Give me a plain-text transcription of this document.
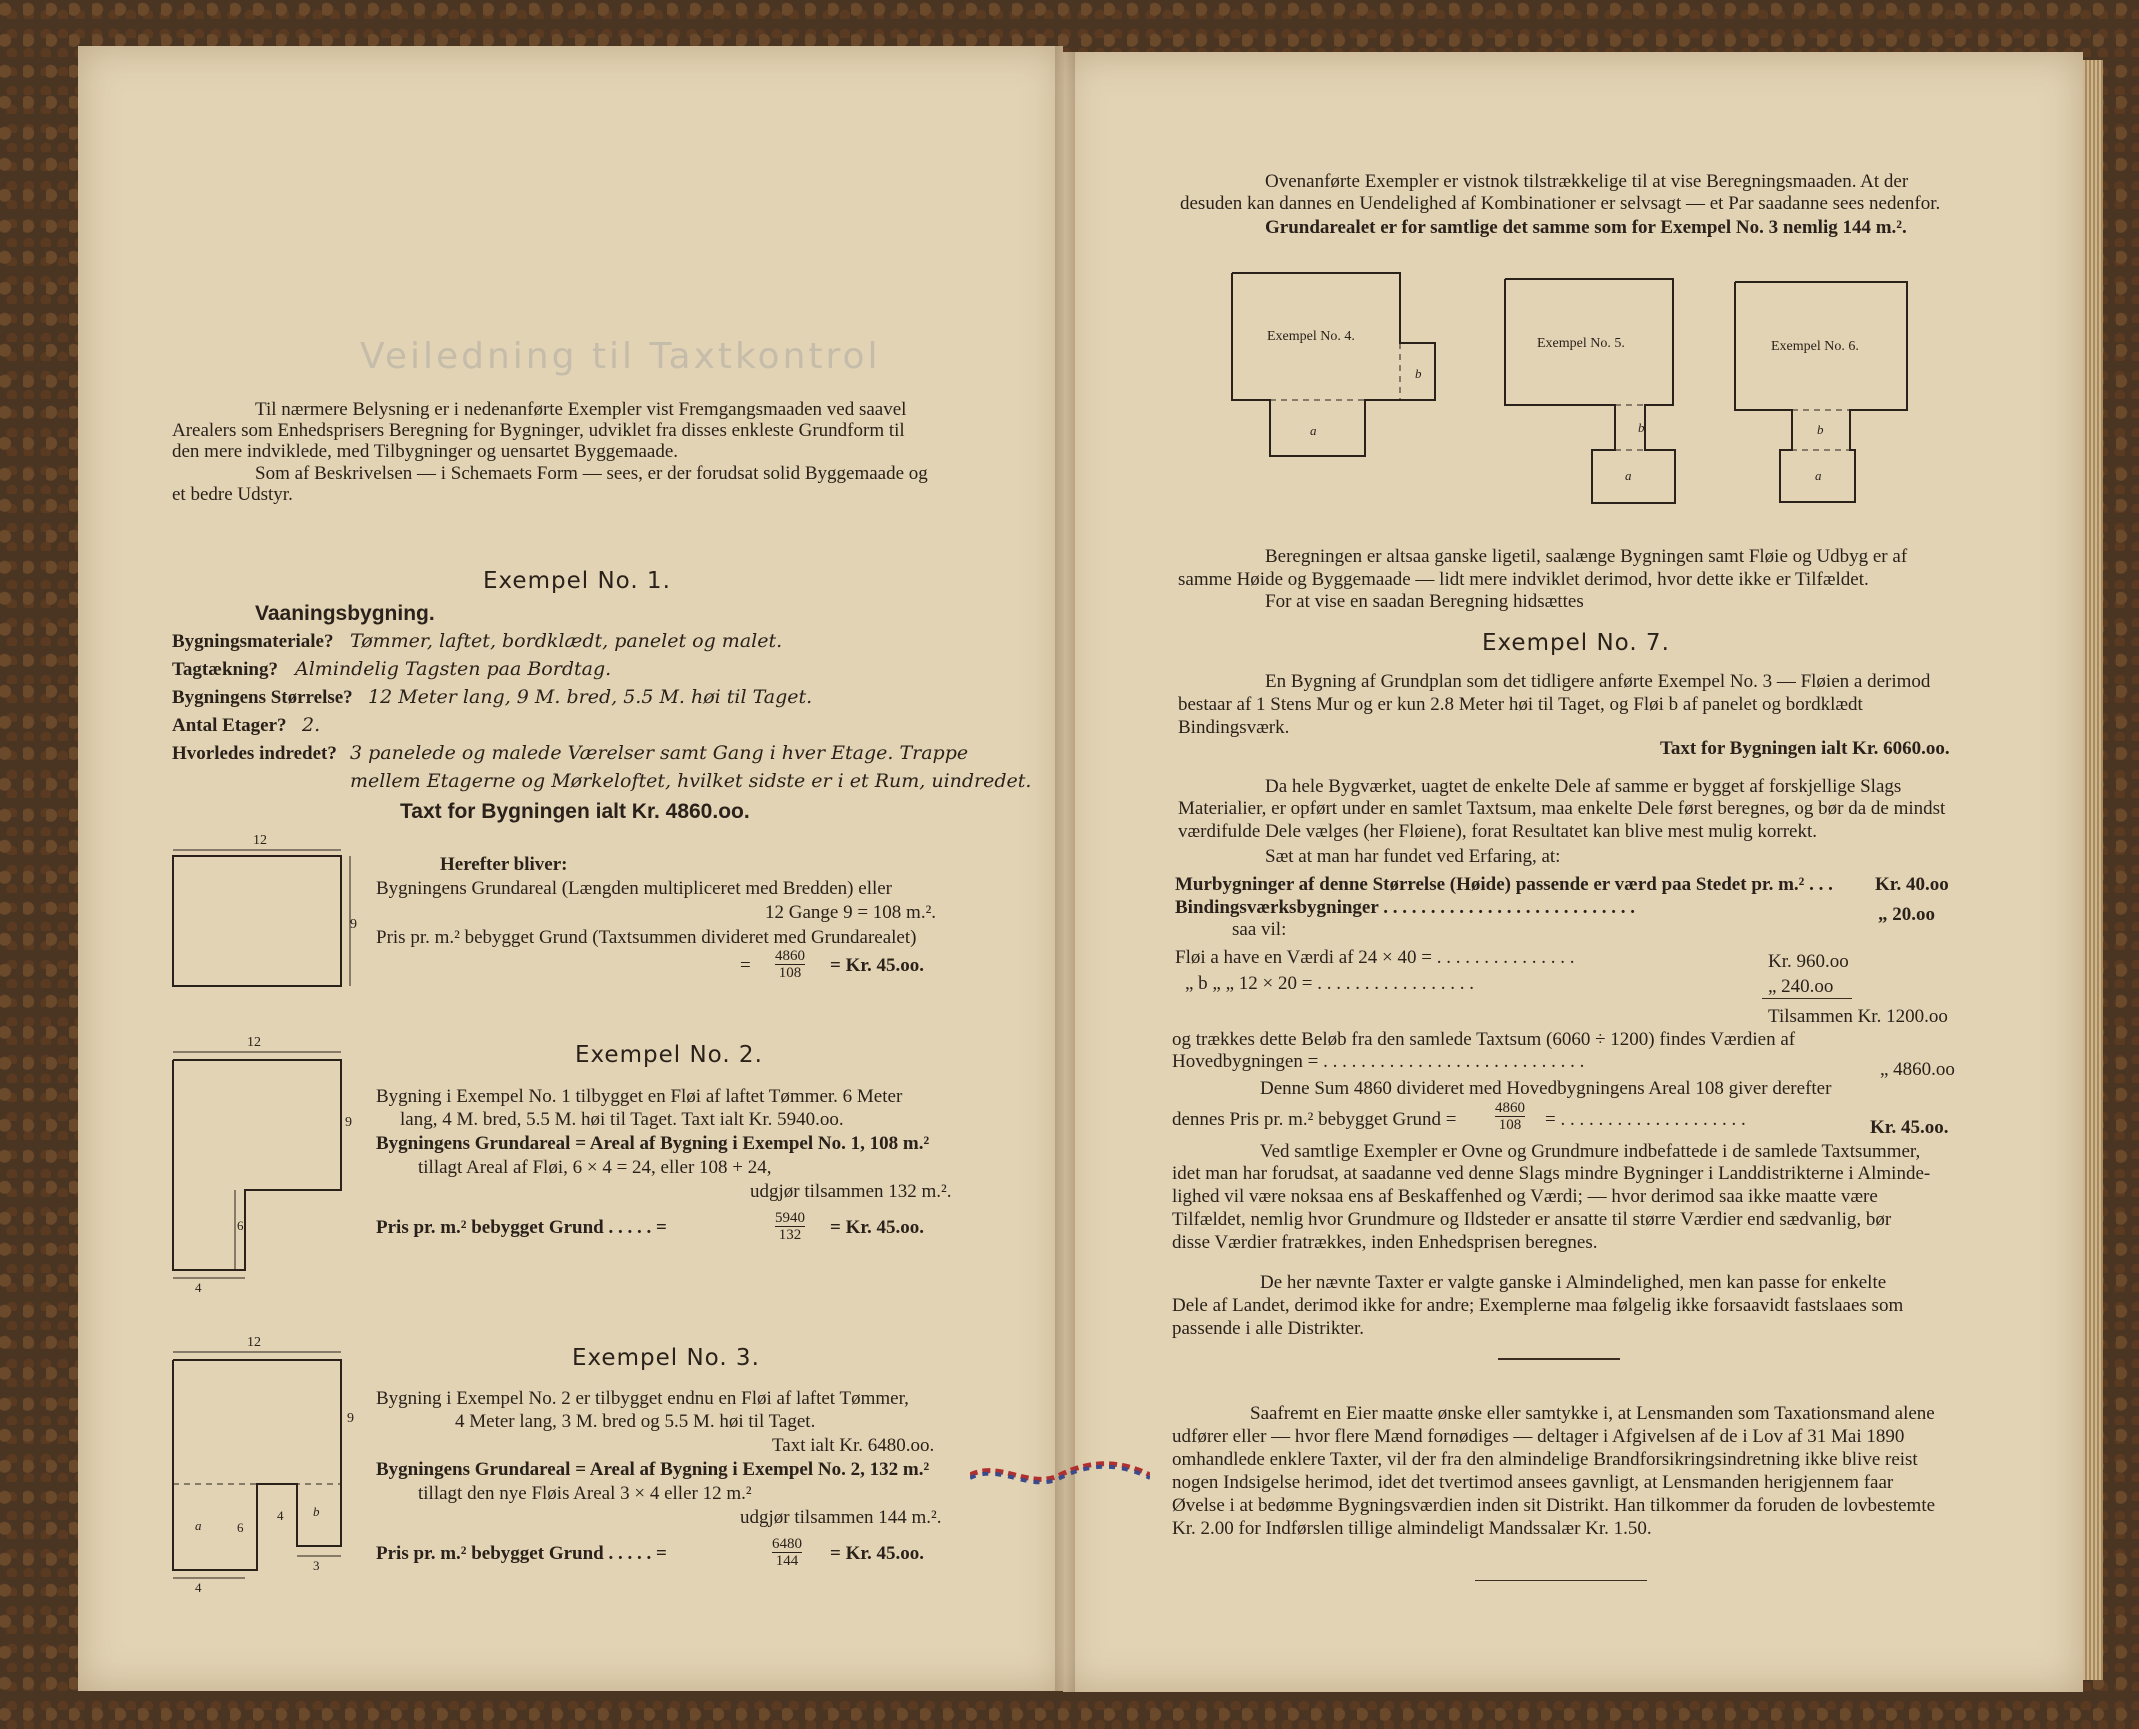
Veiledning til Taxtkontrol
Til nærmere Belysning er i nedenanførte Exempler vist Fremgangsmaaden ved saavel
Arealers som Enhedsprisers Beregning for Bygninger, udviklet fra disses enkleste Grundform til
den mere indviklede, med Tilbygninger og uensartet Byggemaade.
Som af Beskrivelsen — i Schemaets Form — sees, er der forudsat solid Byggemaade og
et bedre Udstyr.
Exempel No. 1.
Vaaningsbygning.
Bygningsmateriale? Tømmer, laftet, bordklædt, panelet og malet.
Tagtækning? Almindelig Tagsten paa Bordtag.
Bygningens Størrelse? 12 Meter lang, 9 M. bred, 5.5 M. høi til Taget.
Antal Etager? 2.
Hvorledes indredet? 3 panelede og malede Værelser samt Gang i hver Etage. Trappe
mellem Etagerne og Mørkeloftet, hvilket sidste er i et Rum, uindredet.
Taxt for Bygningen ialt Kr. 4860.oo.
12
9
Herefter bliver:
Bygningens Grundareal (Længden multipliceret med Bredden) eller
12 Gange 9 = 108 m.².
Pris pr. m.² bebygget Grund (Taxtsummen divideret med Grundarealet)
= $\frac{4860}{108} = Kr$. 45.oo.
Exempel No. 2.
12
9
6
4
Bygning i Exempel No. 1 tilbygget en Fløi af laftet Tømmer. 6 Meter
lang, 4 M. bred, 5.5 M. høi til Taget. Taxt ialt Kr. 5940.oo.
Bygningens Grundareal = Areal af Bygning i Exempel No. 1, 108 m.²
tillagt Areal af Fløi, 6 × 4 = 24, eller 108 + 24,
udgjør tilsammen 132 m.².
Pris pr. m.² bebygget Grund . . . . . =	$\frac{5940}{132} = Kr$. 45.oo.
Exempel No. 3.
12
9
a	6
4 b
4
3
Bygning i Exempel No. 2 er tilbygget endnu en Fløi af laftet Tømmer,
4 Meter lang, 3 M. bred og 5.5 M. høi til Taget.
Taxt ialt Kr. 6480.oo.
Bygningens Grundareal = Areal af Bygning i Exempel No. 2, 132 m.²
tillagt den nye Fløis Areal 3 × 4 eller 12 m.²
udgjør tilsammen 144 m.².
Pris pr. m.² bebygget Grund . . . . . =	$\frac{6480}{144} = Kr$. 45.oo.
Ovenanførte Exempler er vistnok tilstrækkelige til at vise Beregningsmaaden. At der
desuden kan dannes en Uendelighed af Kombinationer er selvsagt — et Par saadanne sees nedenfor.
Grundarealet er for samtlige det samme som for Exempel No. 3 nemlig 144 m.².
Exempel No. 4.
b
a
Exempel No. 5.
b
a
Exempel No. 6.
b
a
Beregningen er altsaa ganske ligetil, saalænge Bygningen samt Fløie og Udbyg er af
samme Høide og Byggemaade — lidt mere indviklet derimod, hvor dette ikke er Tilfældet.
For at vise en saadan Beregning hidsættes
Exempel No. 7.
En Bygning af Grundplan som det tidligere anførte Exempel No. 3 — Fløien a derimod
bestaar af 1 Stens Mur og er kun 2.8 Meter høi til Taget, og Fløi b af panelet og bordklædt
Bindingsværk.
Taxt for Bygningen ialt Kr. 6060.oo.
Da hele Bygværket, uagtet de enkelte Dele af samme er bygget af forskjellige Slags
Materialier, er opført under en samlet Taxtsum, maa enkelte Dele først beregnes, og bør da de mindst
værdifulde Dele vælges (her Fløiene), forat Resultatet kan blive mest mulig korrekt.
Sæt at man har fundet ved Erfaring, at:
Murbygninger af denne Størrelse (Høide) passende er værd paa Stedet pr. m.² . . . Kr. 40.oo
Bindingsværksbygninger . . . . . . . . . . . . . . . . . . . . . . . . . . .	„ 20.oo
saa vil:
Fløi a have en Værdi af 24 × 40 = . . . . . . . . . . . . . . .	Kr. 960.oo
„ b „ „ 12 × 20 = . . . . . . . . . . . . . . . . .	„ 240.oo
Tilsammen Kr. 1200.oo
og trækkes dette Beløb fra den samlede Taxtsum (6060 ÷ 1200) findes Værdien af
Hovedbygningen = . . . . . . . . . . . . . . . . . . . . . . . . . . . .	„ 4860.oo
Denne Sum 4860 divideret med Hovedbygningens Areal 108 giver derefter
dennes Pris pr. m.² bebygget Grund =	$\frac{4860}{108}$ = . . . . . . . . . . . . . . . . . . . .	Kr. 45.oo.
Ved samtlige Exempler er Ovne og Grundmure indbefattede i de samlede Taxtsummer,
idet man har forudsat, at saadanne ved denne Slags mindre Bygninger i Landdistrikterne i Alminde-
lighed vil være noksaa ens af Beskaffenhed og Værdi; — hvor derimod saa ikke maatte være
Tilfældet, nemlig hvor Grundmure og Ildsteder er ansatte til større Værdier end sædvanlig, bør
disse Værdier fratrækkes, inden Enhedsprisen beregnes.
De her nævnte Taxter er valgte ganske i Almindelighed, men kan passe for enkelte
Dele af Landet, derimod ikke for andre; Exemplerne maa følgelig ikke forsaavidt fastslaaes som
passende i alle Distrikter.
Saafremt en Eier maatte ønske eller samtykke i, at Lensmanden som Taxationsmand alene
udfører eller — hvor flere Mænd fornødiges — deltager i Afgivelsen af de i Lov af 31 Mai 1890
omhandlede enklere Taxter, vil der fra den almindelige Brandforsikringsindretning ikke blive reist
nogen Indsigelse herimod, idet det tvertimod ansees gavnligt, at Lensmanden herigjennem faar
Øvelse i at bedømme Bygningsværdien inden sit Distrikt. Han tilkommer da foruden de lovbestemte
Kr. 2.00 for Indførslen tillige almindeligt Mandssalær Kr. 1.50.
